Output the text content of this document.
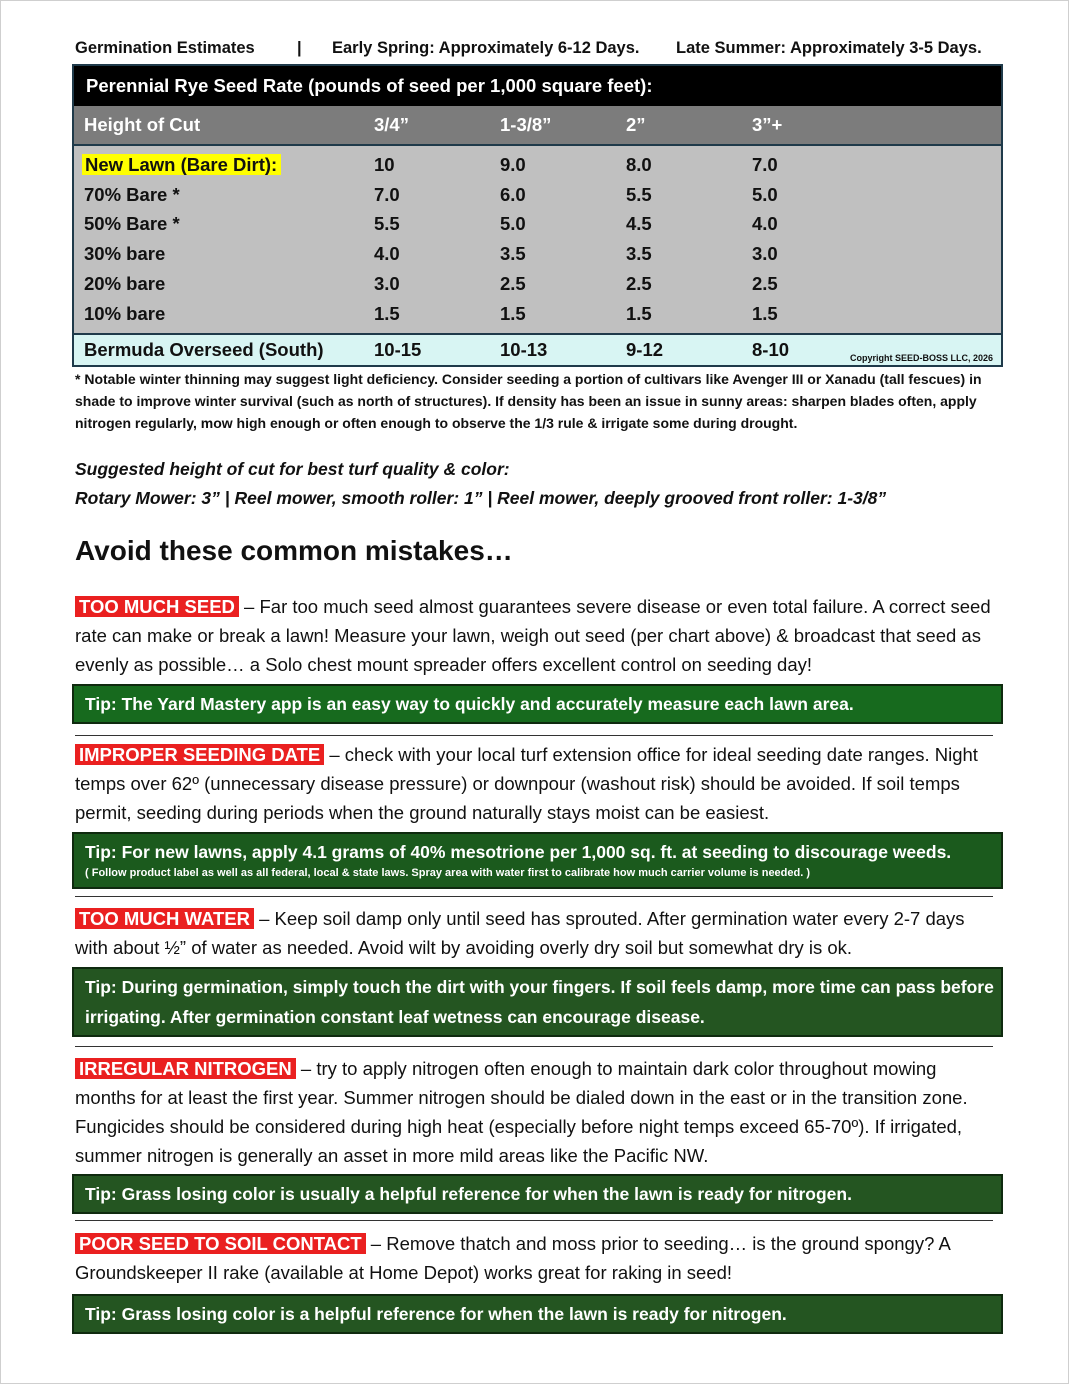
Germination Estimates	| Early Spring: Approximately 6-12 Days. Late Summer: Approximately 3-5 Days.
Perennial Rye Seed Rate (pounds of seed per 1,000 square feet):
Height of Cut	3/4”	1-3/8”	2”	3”+
New Lawn (Bare Dirt):	10	9.0	8.0	7.0
70% Bare *	7.0	6.0	5.5	5.0
50% Bare *	5.5	5.0	4.5	4.0
30% bare	4.0	3.5	3.5	3.0
20% bare	3.0	2.5	2.5	2.5
10% bare	1.5	1.5	1.5	1.5
Bermuda Overseed (South)	10-15	10-13	9-12	8-10	Copyright SEED-BOSS LLC, 2026
* Notable winter thinning may suggest light deficiency. Consider seeding a portion of cultivars like Avenger III or Xanadu (tall fescues) in shade to improve winter survival (such as north of structures). If density has been an issue in sunny areas: sharpen blades often, apply nitrogen regularly, mow high enough or often enough to observe the 1/3 rule & irrigate some during drought.
Suggested height of cut for best turf quality & color:
Rotary Mower: 3” | Reel mower, smooth roller: 1” | Reel mower, deeply grooved front roller: 1-3/8”
Avoid these common mistakes…
TOO MUCH SEED – Far too much seed almost guarantees severe disease or even total failure. A correct seed rate can make or break a lawn! Measure your lawn, weigh out seed (per chart above) & broadcast that seed as evenly as possible… a Solo chest mount spreader offers excellent control on seeding day!
Tip: The Yard Mastery app is an easy way to quickly and accurately measure each lawn area.
IMPROPER SEEDING DATE – check with your local turf extension office for ideal seeding date ranges. Night temps over 62º (unnecessary disease pressure) or downpour (washout risk) should be avoided. If soil temps permit, seeding during periods when the ground naturally stays moist can be easiest.
Tip: For new lawns, apply 4.1 grams of 40% mesotrione per 1,000 sq. ft. at seeding to discourage weeds.
( Follow product label as well as all federal, local & state laws. Spray area with water first to calibrate how much carrier volume is needed. )
TOO MUCH WATER – Keep soil damp only until seed has sprouted. After germination water every 2-7 days with about ½” of water as needed. Avoid wilt by avoiding overly dry soil but somewhat dry is ok.
Tip: During germination, simply touch the dirt with your fingers. If soil feels damp, more time can pass before irrigating. After germination constant leaf wetness can encourage disease.
IRREGULAR NITROGEN – try to apply nitrogen often enough to maintain dark color throughout mowing months for at least the first year. Summer nitrogen should be dialed down in the east or in the transition zone. Fungicides should be considered during high heat (especially before night temps exceed 65-70º). If irrigated, summer nitrogen is generally an asset in more mild areas like the Pacific NW.
Tip: Grass losing color is usually a helpful reference for when the lawn is ready for nitrogen.
POOR SEED TO SOIL CONTACT – Remove thatch and moss prior to seeding… is the ground spongy? A Groundskeeper II rake (available at Home Depot) works great for raking in seed!
Tip: Grass losing color is a helpful reference for when the lawn is ready for nitrogen.
